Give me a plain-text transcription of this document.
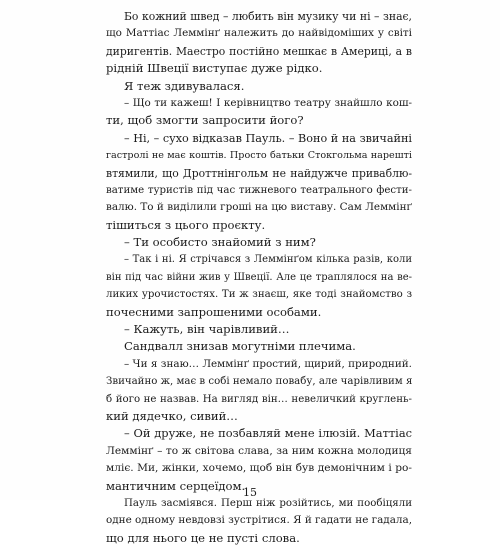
Бо кожний швед – любить він музику чи ні – знає,
що Маттіас Леммінґ належить до найвідоміших у світі
диригентів. Маестро постійно мешкає в Америці, а в
рідній Швеції виступає дуже рідко.
Я теж здивувалася.
– Що ти кажеш! І керівництво театру знайшло кош-
ти, щоб змогти запросити його?
– Ні, – сухо відказав Пауль. – Воно й на звичайні
гастролі не має коштів. Просто батьки Стокгольма нарешті
втямили, що Дроттнінгольм не найдужче приваблю-
ватиме туристів під час тижневого театрального фести-
валю. То й виділили гроші на цю виставу. Сам Леммінґ
тішиться з цього проєкту.
– Ти особисто знайомий з ним?
– Так і ні. Я стрічався з Леммінґом кілька разів, коли
він під час війни жив у Швеції. Але це траплялося на ве-
ликих урочистостях. Ти ж знаєш, яке тоді знайомство з
почесними запрошеними особами.
– Кажуть, він чарівливий…
Сандвалл знизав могутніми плечима.
– Чи я знаю… Леммінґ простий, щирий, природний.
Звичайно ж, має в собі немало повабу, але чарівливим я
б його не назвав. На вигляд він… невеличкий круглень-
кий дядечко, сивий…
– Ой друже, не позбавляй мене ілюзій. Маттіас
Леммінґ – то ж світова слава, за ним кожна молодиця
мліє. Ми, жінки, хочемо, щоб він був демонічним і ро-
мантичним серцеїдом.
Пауль засміявся. Перш ніж розійтись, ми пообіцяли
одне одному невдовзі зустрітися. Я й гадати не гадала,
що для нього це не пусті слова.
15
